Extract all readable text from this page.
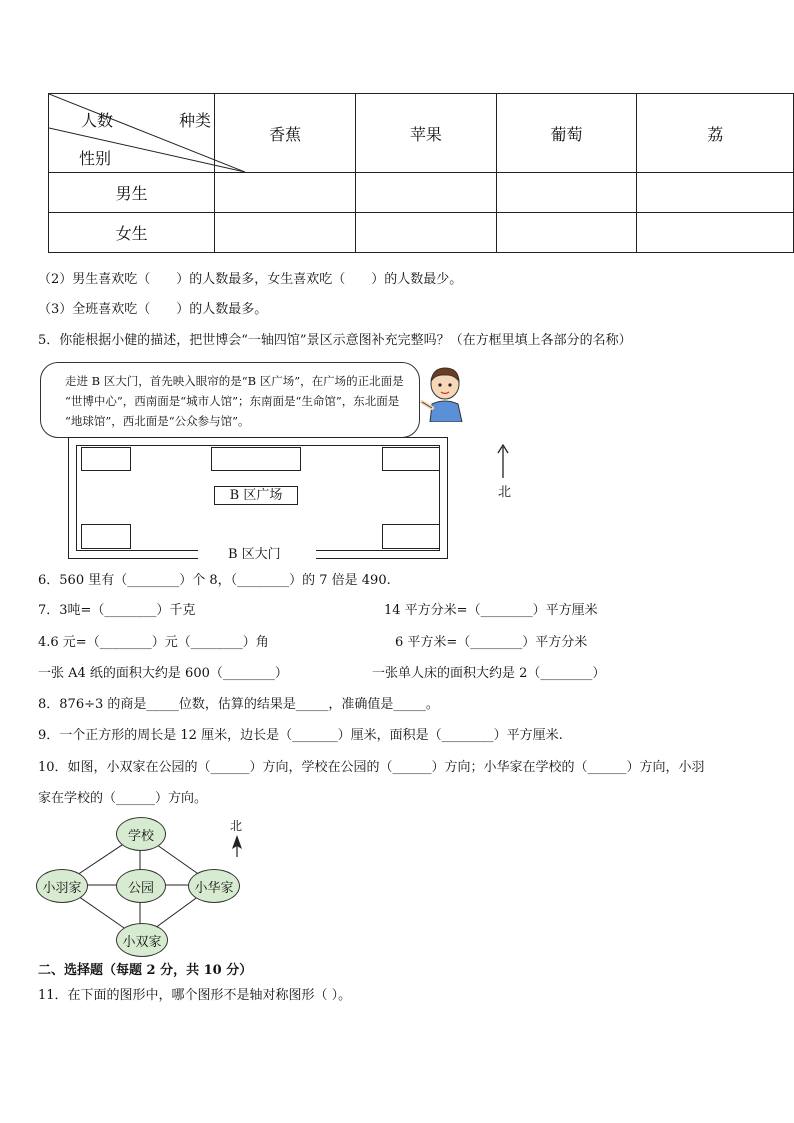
种类
人数
性别	香蕉	苹果	葡萄	荔
男生				
女生				
（2）男生喜欢吃（　　）的人数最多，女生喜欢吃（　　）的人数最少。
（3）全班喜欢吃（　　）的人数最多。
5．你能根据小健的描述，把世博会“一轴四馆”景区示意图补充完整吗？（在方框里填上各部分的名称）
走进 B 区大门，首先映入眼帘的是“B 区广场”，在广场的正北面是
“世博中心”，西南面是“城市人馆”；东南面是“生命馆”，东北面是
“地球馆”，西北面是“公众参与馆”。
B 区广场
B 区大门
北
6．560 里有（________）个 8，（________）的 7 倍是 490.
7．3吨=（________）千克	14 平方分米=（________）平方厘米
4.6 元=（________）元（________）角	6 平方米=（________）平方分米
一张 A4 纸的面积大约是 600（________）	一张单人床的面积大约是 2（________）
8．876÷3 的商是_____位数，估算的结果是_____，准确值是_____。
9．一个正方形的周长是 12 厘米，边长是（_______）厘米，面积是（________）平方厘米.
10．如图，小双家在公园的（______）方向，学校在公园的（______）方向；小华家在学校的（______）方向，小羽
家在学校的（______）方向。
学校
公园
小羽家	小华家
小双家
北
二、选择题（每题 2 分，共 10 分）
11．在下面的图形中，哪个图形不是轴对称图形（ ）。
